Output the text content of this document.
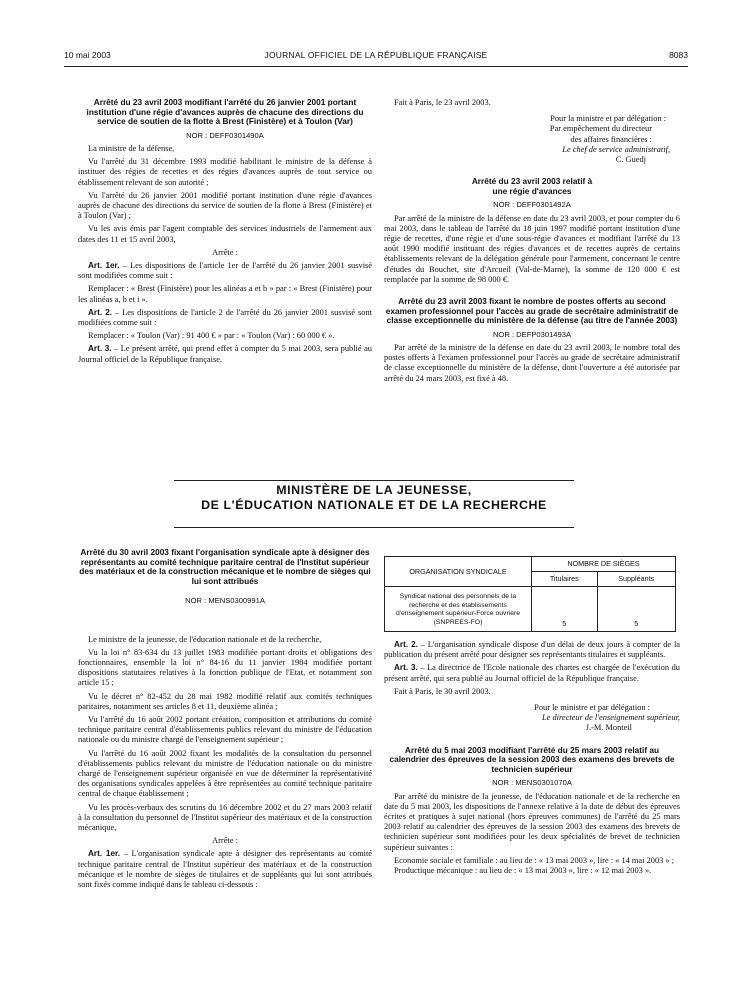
10 mai 2003	JOURNAL OFFICIEL DE LA RÉPUBLIQUE FRANÇAISE	8083
Arrêté du 23 avril 2003 modifiant l'arrêté du 26 janvier 2001 portant institution d'une régie d'avances auprès de chacune des directions du service de soutien de la flotte à Brest (Finistère) et à Toulon (Var)

NOR : DEFF0301490A

La ministre de la défense,

Vu l'arrêté du 31 décembre 1993 modifié habilitant le ministre de la défense à instituer des régies de recettes et des régies d'avances auprès de tout service ou établissement relevant de son autorité ;

Vu l'arrêté du 26 janvier 2001 modifié portant institution d'une régie d'avances auprès de chacune des directions du service de soutien de la flotte à Brest (Finistère) et à Toulon (Var) ;

Vu les avis émis par l'agent comptable des services industriels de l'armement aux dates des 11 et 15 avril 2003,

Arrête :

Art. 1er. – Les dispositions de l'article 1er de l'arrêté du 26 janvier 2001 susvisé sont modifiées comme suit :

Remplacer : « Brest (Finistère) pour les alinéas a et b » par : « Brest (Finistère) pour les alinéas a, b et i ».

Art. 2. – Les dispositions de l'article 2 de l'arrêté du 26 janvier 2001 susvisé sont modifiées comme suit :

Remplacer : « Toulon (Var) : 91 400 € » par : « Toulon (Var) : 60 000 € ».

Art. 3. – Le présent arrêté, qui prend effet à compter du 5 mai 2003, sera publié au Journal officiel de la République française.

Fait à Paris, le 23 avril 2003.

Pour la ministre et par délégation :

Par empêchement du directeur

des affaires financières :

Le chef de service administratif,

C. Guedj

Arrêté du 23 avril 2003 relatif à une régie d'avances

NOR : DEFF0301492A

Par arrêté de la ministre de la défense en date du 23 avril 2003, et pour compter du 6 mai 2003, dans le tableau de l'arrêté du 18 juin 1997 modifié portant institution d'une régie de recettes, d'une régie et d'une sous-régie d'avances et modifiant l'arrêté du 13 août 1990 modifié instituant des régies d'avances et de recettes auprès de certains établissements relevant de la délégation générale pour l'armement, concernant le centre d'études du Bouchet, site d'Arcueil (Val-de-Marne), la somme de 120 000 € est remplacée par la somme de 98 000 €.

Arrêté du 23 avril 2003 fixant le nombre de postes offerts au second examen professionnel pour l'accès au grade de secrétaire administratif de classe exceptionnelle du ministère de la défense (au titre de l'année 2003)

NOR : DEFP0301493A

Par arrêté de la ministre de la défense en date du 23 avril 2003, le nombre total des postes offerts à l'examen professionnel pour l'accès au grade de secrétaire administratif de classe exceptionnelle du ministère de la défense, dont l'ouverture a été autorisée par arrêté du 24 mars 2003, est fixé à 48.

MINISTÈRE DE LA JEUNESSE,
DE L'ÉDUCATION NATIONALE ET DE LA RECHERCHE
Arrêté du 30 avril 2003 fixant l'organisation syndicale apte à désigner des représentants au comité technique paritaire central de l'Institut supérieur des matériaux et de la construction mécanique et le nombre de sièges qui lui sont attribués

NOR : MENS0300991A

Le ministre de la jeunesse, de l'éducation nationale et de la recherche,

Vu la loi n° 83-634 du 13 juillet 1983 modifiée portant droits et obligations des fonctionnaires, ensemble la loi n° 84-16 du 11 janvier 1984 modifiée portant dispositions statutaires relatives à la fonction publique de l'Etat, et notamment son article 15 ;

Vu le décret n° 82-452 du 28 mai 1982 modifié relatif aux comités techniques paritaires, notamment ses articles 8 et 11, deuxième alinéa ;

Vu l'arrêté du 16 août 2002 portant création, composition et attributions du comité technique paritaire central d'établissements publics relevant du ministre de l'éducation nationale ou du ministre chargé de l'enseignement supérieur ;

Vu l'arrêté du 16 août 2002 fixant les modalités de la consultation du personnel d'établissements publics relevant du ministre de l'éducation nationale ou du ministre chargé de l'enseignement supérieur organisée en vue de déterminer la représentativité des organisations syndicales appelées à être représentées au comité technique paritaire central de chaque établissement ;

Vu les procès-verbaux des scrutins du 16 décembre 2002 et du 27 mars 2003 relatif à la consultation du personnel de l'Institut supérieur des matériaux et de la construction mécanique,

Arrête :

Art. 1er. – L'organisation syndicale apte à désigner des représentants au comité technique paritaire central de l'Institut supérieur des matériaux et de la construction mécanique et le nombre de sièges de titulaires et de suppléants qui lui sont attribués sont fixés comme indiqué dans le tableau ci-dessous :

ORGANISATION SYNDICALE	NOMBRE DE SIÈGES	
	Titulaires	Suppléants
Syndicat national des personnels de la recherche et des établissements d'enseignement supérieur-Force ouvrière (SNPREES-FO)	5	5

Art. 2. – L'organisation syndicale dispose d'un délai de deux jours à compter de la publication du présent arrêté pour désigner ses représentants titulaires et suppléants.

Art. 3. – La directrice de l'Ecole nationale des chartes est chargée de l'exécution du présent arrêté, qui sera publié au Journal officiel de la République française.

Fait à Paris, le 30 avril 2003.

Pour le ministre et par délégation :

Le directeur de l'enseignement supérieur,

J.-M. Monteil

Arrêté du 5 mai 2003 modifiant l'arrêté du 25 mars 2003 relatif au calendrier des épreuves de la session 2003 des examens des brevets de technicien supérieur

NOR : MENS0301070A

Par arrêté du ministre de la jeunesse, de l'éducation nationale et de la recherche en date du 5 mai 2003, les dispositions de l'annexe relative à la date de début des épreuves écrites et pratiques à sujet national (hors épreuves communes) de l'arrêté du 25 mars 2003 relatif au calendrier des épreuves de la session 2003 des examens des brevets de technicien supérieur sont modifiées pour les deux spécialités de brevet de technicien supérieur suivantes :

Economie sociale et familiale : au lieu de : « 13 mai 2003 », lire : « 14 mai 2003 » ;

Productique mécanique : au lieu de : « 13 mai 2003 », lire : « 12 mai 2003 ».
